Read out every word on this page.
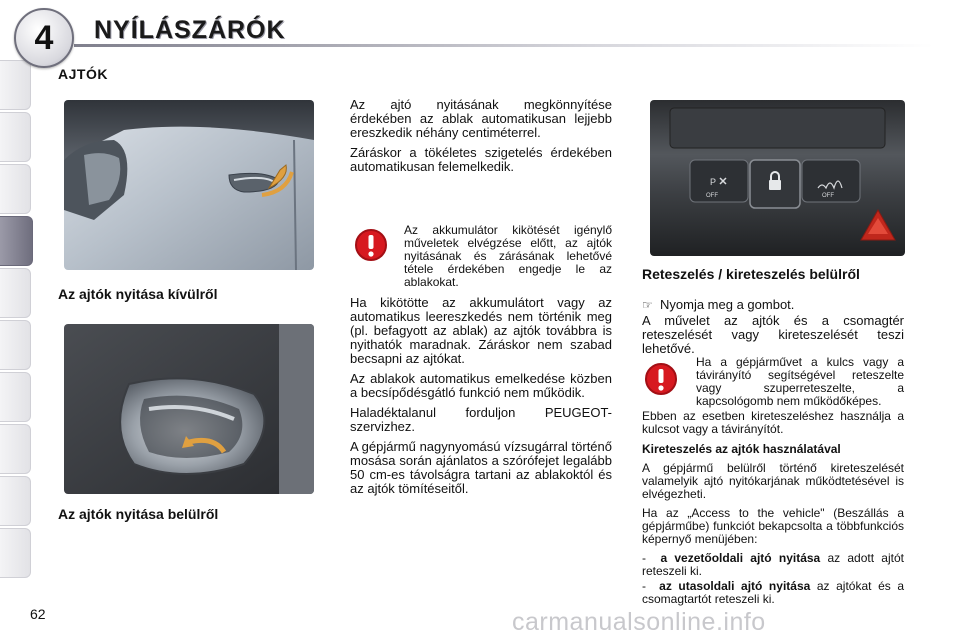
4	NYÍLÁSZÁRÓK
AJTÓK
Az ajtók nyitása kívülről
Az ajtók nyitása belülről

Az ajtó nyitásának megkönnyítése érdekében az ablak automatikusan lejjebb ereszkedik néhány centiméterrel.

Záráskor a tökéletes szigetelés érdekében automatikusan felemelkedik.

Az akkumulátor kikötését igénylő műveletek elvégzése előtt, az ajtók nyitásának és zárásának lehetővé tétele érdekében engedje le az ablakokat.

Ha kikötötte az akkumulátort vagy az automatikus leereszkedés nem történik meg (pl. befagyott az ablak) az ajtók továbbra is nyithatók maradnak. Záráskor nem szabad becsapni az ajtókat.

Az ablakok automatikus emelkedése közben a becsípődésgátló funkció nem működik.

Haladéktalanul forduljon PEUGEOT-szervizhez.

A gépjármű nagynyomású vízsugárral történő mosása során ajánlatos a szórófejet legalább 50 cm-es távolságra tartani az ablakoktól és az ajtók tömítéseitől.

P
OFF	OFF
Reteszelés / kireteszelés belülről

☞ Nyomja meg a gombot.

A művelet az ajtók és a csomagtér reteszelését vagy kireteszelését teszi lehetővé.

Ha a gépjárművet a kulcs vagy a távirányító segítségével reteszelte vagy szuperreteszelte, a kapcsológomb nem működőképes.

Ebben az esetben kireteszeléshez használja a kulcsot vagy a távirányítót.

Kireteszelés az ajtók használatával

A gépjármű belülről történő kireteszelését valamelyik ajtó nyitókarjának működtetésével is elvégezheti.

Ha az „Access to the vehicle" (Beszállás a gépjárműbe) funkciót bekapcsolta a többfunkciós képernyő menüjében:

-  a vezetőoldali ajtó nyitása az adott ajtót reteszeli ki.

-  az utasoldali ajtó nyitása az ajtókat és a csomagtartót reteszeli ki.

62	carmanualsonline.info
